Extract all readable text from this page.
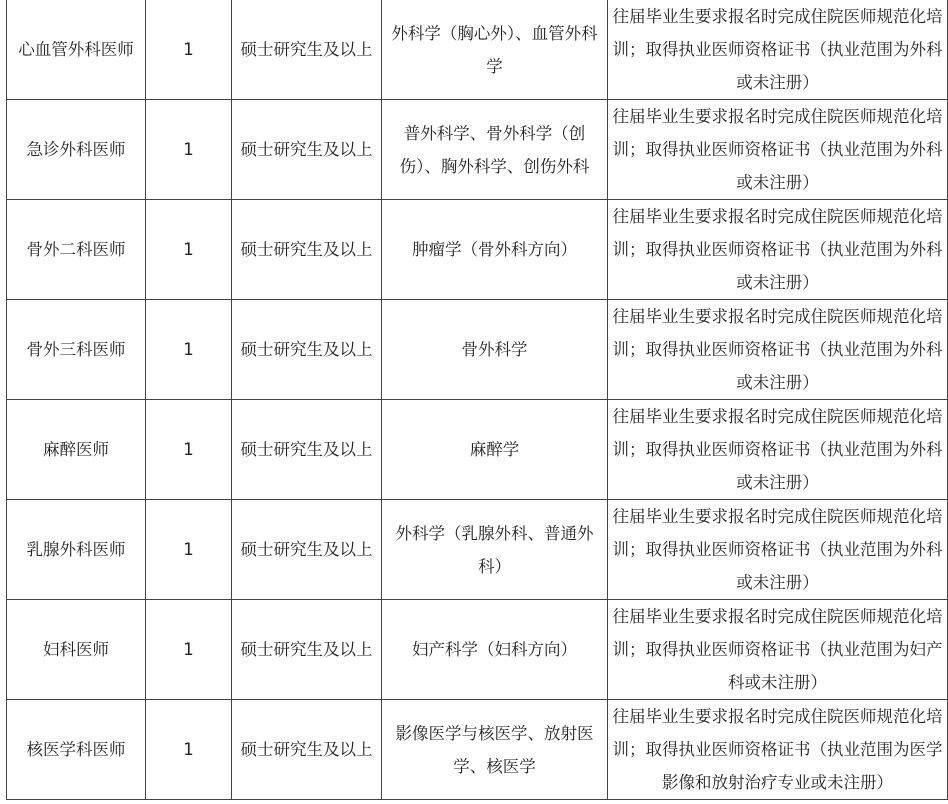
心血管外科医师	1	硕士研究生及以上	外科学（胸心外）、血管外科学	往届毕业生要求报名时完成住院医师规范化培训；取得执业医师资格证书（执业范围为外科或未注册）
急诊外科医师	1	硕士研究生及以上	普外科学、骨外科学（创伤）、胸外科学、创伤外科	往届毕业生要求报名时完成住院医师规范化培训；取得执业医师资格证书（执业范围为外科或未注册）
骨外二科医师	1	硕士研究生及以上	肿瘤学（骨外科方向）	往届毕业生要求报名时完成住院医师规范化培训；取得执业医师资格证书（执业范围为外科或未注册）
骨外三科医师	1	硕士研究生及以上	骨外科学	往届毕业生要求报名时完成住院医师规范化培训；取得执业医师资格证书（执业范围为外科或未注册）
麻醉医师	1	硕士研究生及以上	麻醉学	往届毕业生要求报名时完成住院医师规范化培训；取得执业医师资格证书（执业范围为外科或未注册）
乳腺外科医师	1	硕士研究生及以上	外科学（乳腺外科、普通外科）	往届毕业生要求报名时完成住院医师规范化培训；取得执业医师资格证书（执业范围为外科或未注册）
妇科医师	1	硕士研究生及以上	妇产科学（妇科方向）	往届毕业生要求报名时完成住院医师规范化培训；取得执业医师资格证书（执业范围为妇产科或未注册）
核医学科医师	1	硕士研究生及以上	影像医学与核医学、放射医学、核医学	往届毕业生要求报名时完成住院医师规范化培训；取得执业医师资格证书（执业范围为医学影像和放射治疗专业或未注册）
